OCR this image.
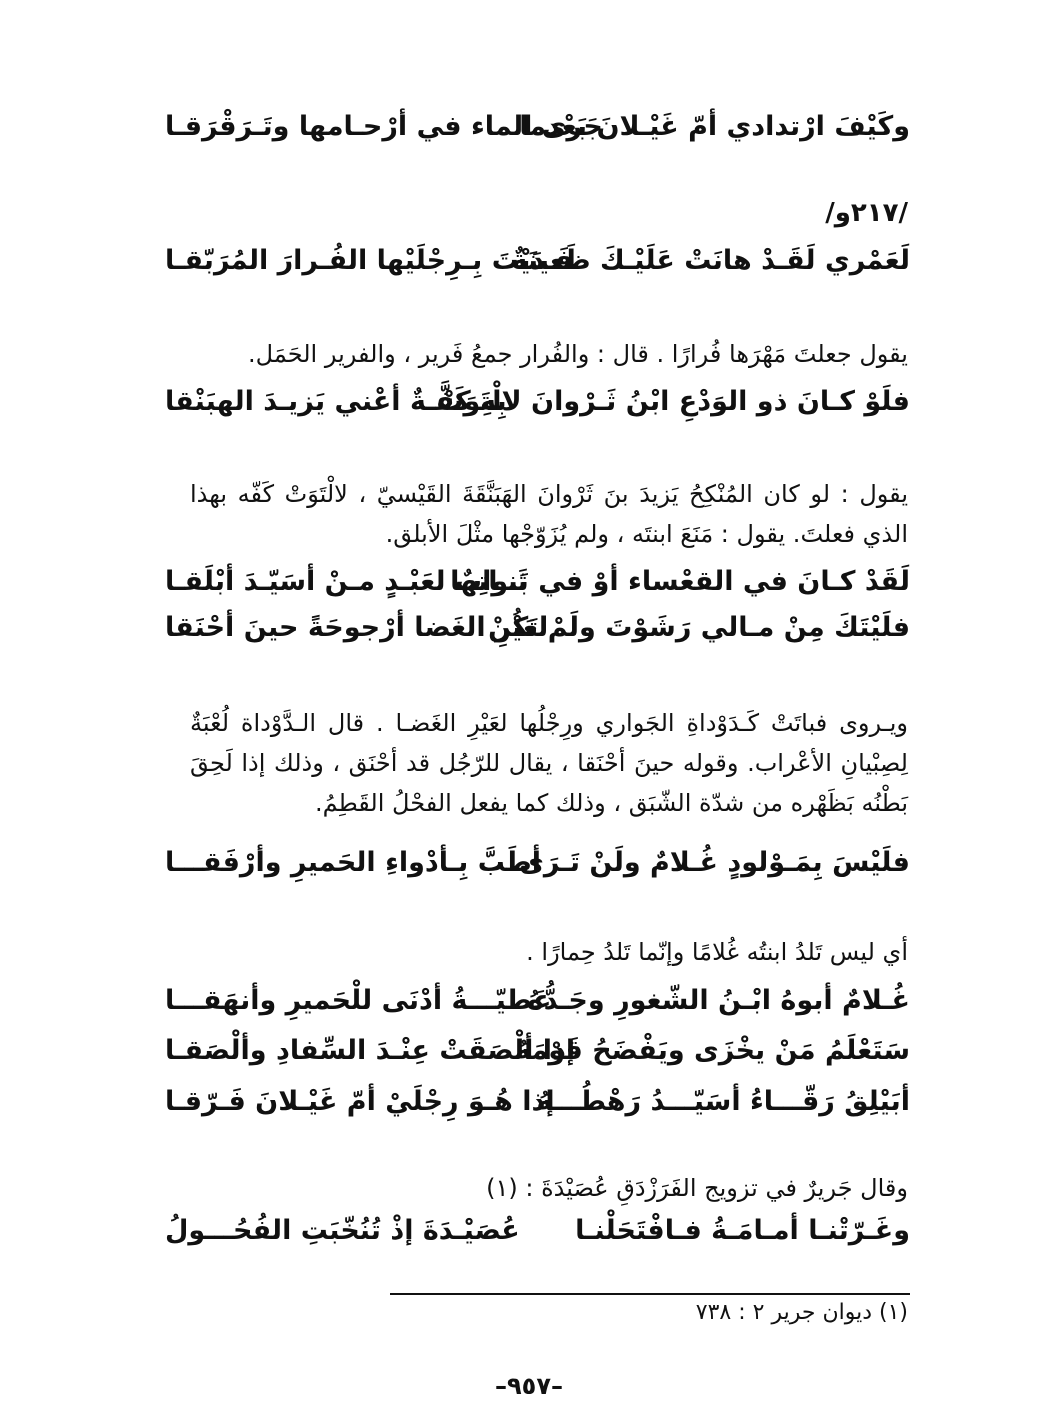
وكَيْفَ ارْتدادي أمّ غَيْـلانَ بَعْدما
جَرى الماء في أرْحـامها وتَـرَقْرَقـا
/٢١٧و/
لَعَمْري لَقَـدْ هانَتْ عَلَيْـكَ ظَعينَةٌ
فَـدَيْتَ بِـرِجْلَيْها الفُـرارَ المُرَبّقـا
يقول جعلتَ مَهْرَها فُرارًا . قال : والفُرار جمعُ فَرير ، والفرير الحَمَل.
فلَوْ كـانَ ذو الوَدْعِ ابْنُ ثَـرْوانَ لالْتَوَتْ
بِهِ كَفَّـةٌ أعْني يَزيـدَ الهبَنْقا
يقول : لو كان المُنْكِحُ يَزيدَ بنَ ثَرْوانَ الهَبَنَّقَةَ القَيْسيّ ، لالْتَوَتْ كَفّه بهذا الذي فعلتَ. يقول : مَنَعَ ابنتَه ، ولم يُزَوّجْها مثْلَ الأبلق.
لَقَدْ كـانَ في القعْساء أوْ في بَنـاتِها
ثَـوابٌ لعَبْـدٍ مـنْ أسَيّـدَ أبْلَقـا
فلَيْتَكَ مِنْ مـالي رَشَوْتَ ولَمْ تَكُنْ
لعَيْرِ الغَضا أرْجوحَةً حينَ أحْنَقا
ويـروى فباتَتْ كَـدَوْداةِ الجَواري ورِجْلُها لعَيْرِ الغَضـا . قال الـدَّوْداة لُعْبَةٌ لِصِبْيانِ الأعْراب. وقوله حينَ أحْنَقا ، يقال للرّجُل قد أحْنَق ، وذلك إذا لَحِقَ بَطْنُه بَظَهْره من شدّة الشّبَق ، وذلك كما يفعل الفحْلُ القَطِمُ.
فلَيْسَ بِمَـوْلودٍ غُـلامٌ ولَنْ تَـرَى
أطَبَّ بِـأدْواءِ الحَميرِ وأرْفَقـــا
أي ليس تَلدُ ابنتُه غُلامًا وإنّما تَلدُ حِمارًا .
غُـلامٌ أبوهُ ابْـنُ الشّغورِ وجَـدُّهُ
عَطيّـــةُ أدْنَى للْحَميرِ وأنهَقـــا
سَتَعْلَمُ مَنْ يخْزَى ويَفْضَحُ قَوْمَهُ
إذا ألْصَقَتْ عِنْـدَ السِّفادِ وألْصَقـا
أبَيْلِقُ رَقّـــاءُ أسَيّـــدُ رَهْطُـــهُ
إذا هُـوَ رِجْلَيْ أمّ غَيْـلانَ فَـرّقـا
وقال جَريرٌ في تزويج الفَرَزْدَقِ عُصَيْدَةَ : (١)
وغَـرّتْنـا أمـامَـةُ فـافْتَحَلْنـا
عُصَيْـدَةَ إذْ تُنُخّبَتِ الفُحُـــولُ
(١) ديوان جرير ٢ : ٧٣٨
–٩٥٧–
